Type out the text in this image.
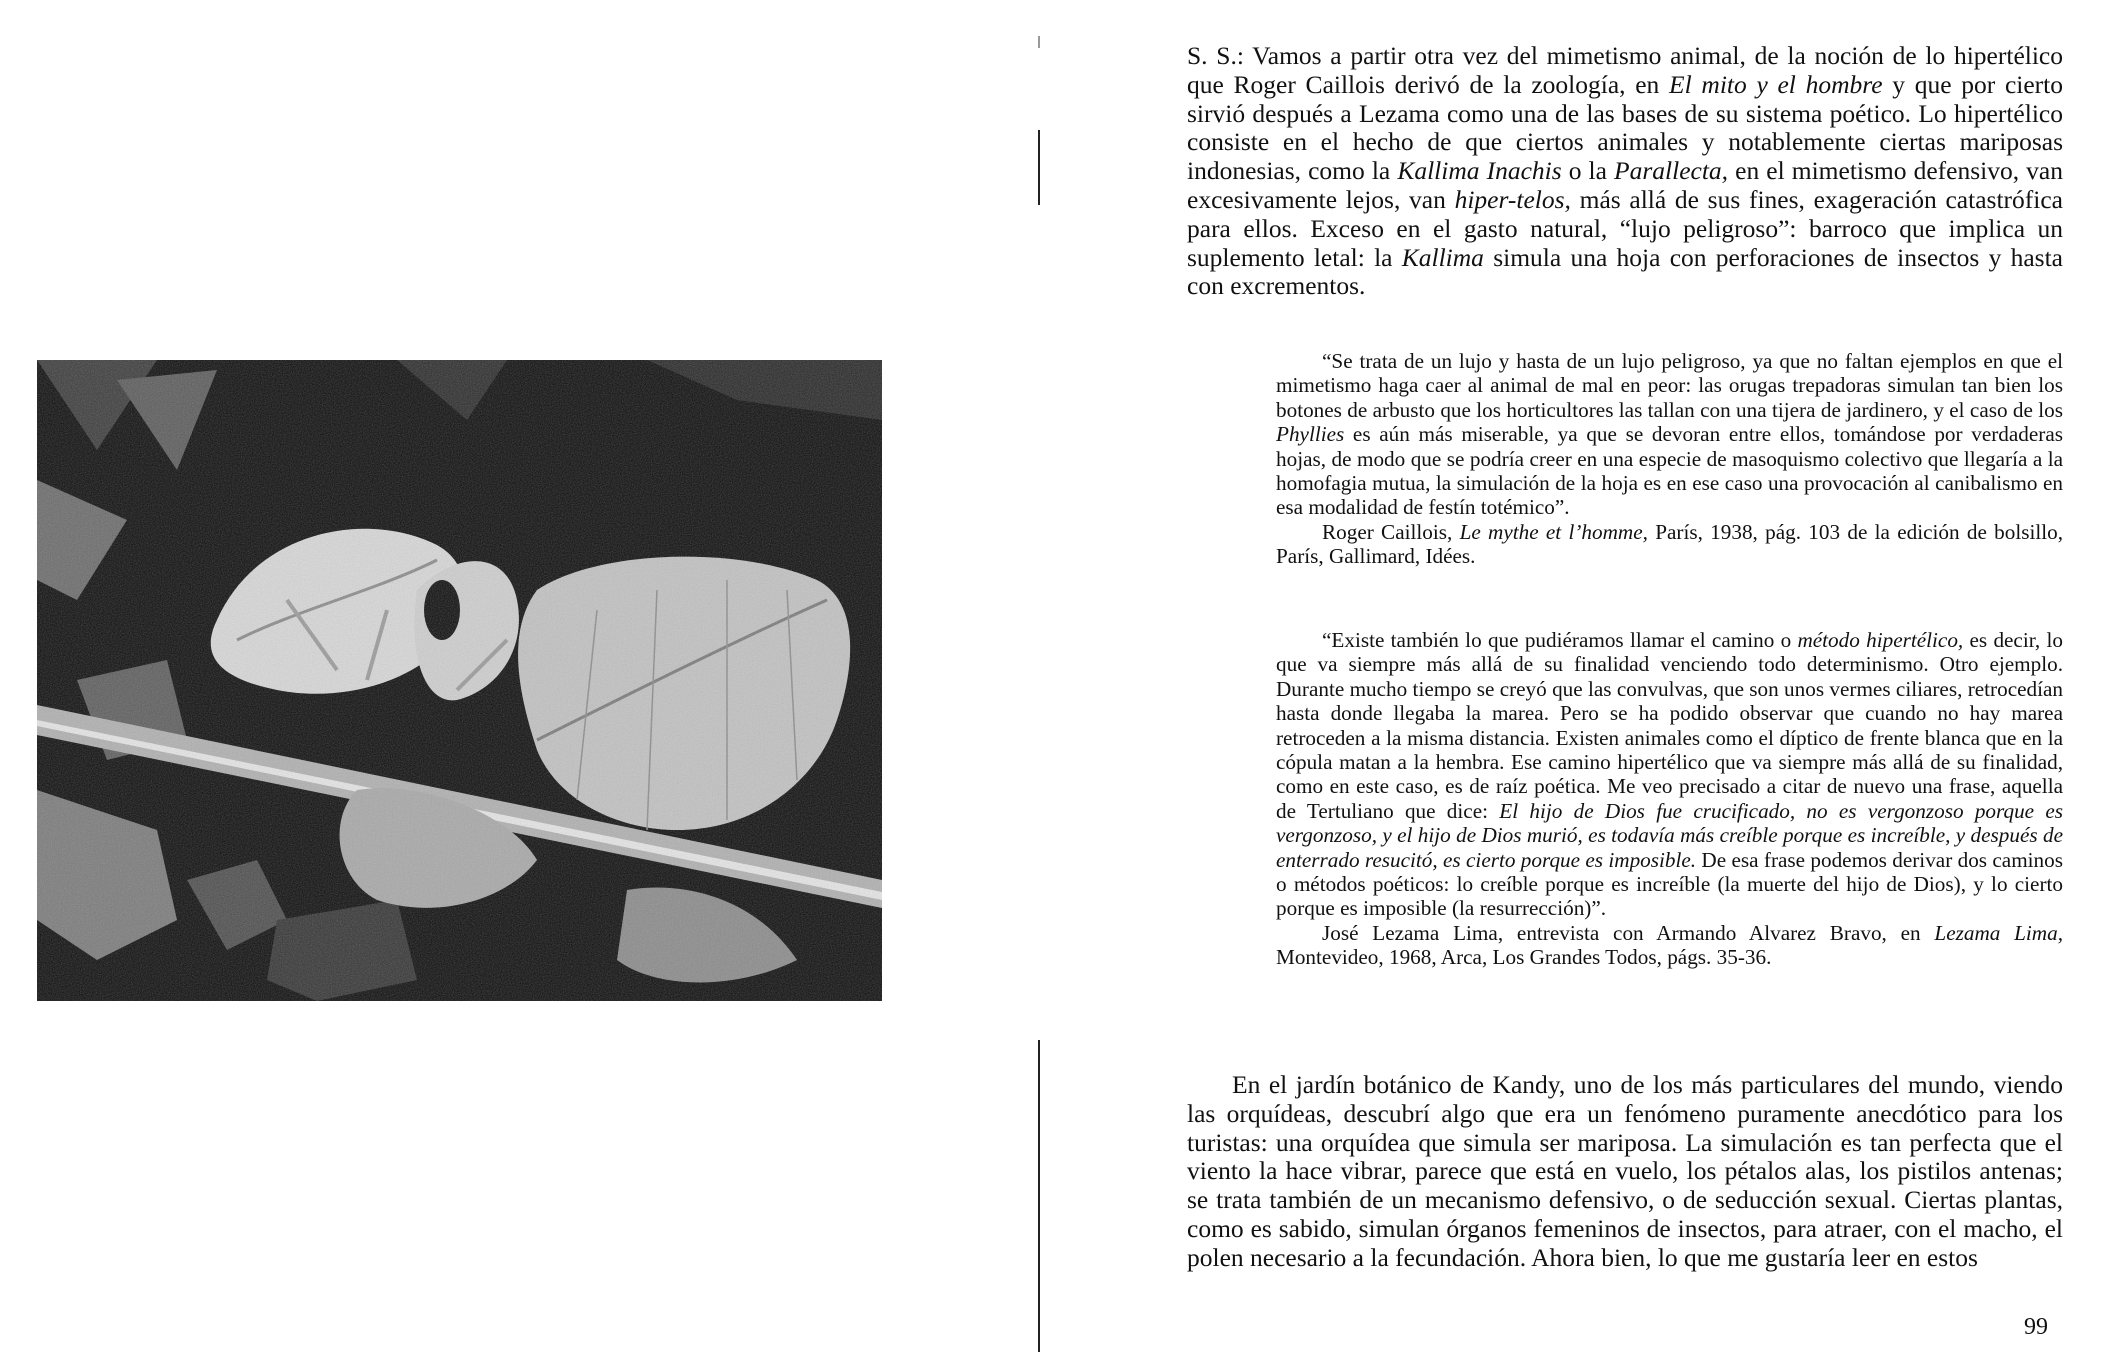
S. S.: Vamos a partir otra vez del mimetismo animal, de la noción de lo hipertélico que Roger Caillois derivó de la zoología, en El mito y el hombre y que por cierto sirvió después a Lezama como una de las bases de su sistema poético. Lo hipertélico consiste en el hecho de que ciertos animales y notablemente ciertas mariposas indonesias, como la Kallima Inachis o la Parallecta, en el mimetismo defensivo, van excesivamente lejos, van hiper-telos, más allá de sus fines, exageración catastrófica para ellos. Exceso en el gasto natural, “lujo peligroso”: barroco que implica un suplemento letal: la Kallima simula una hoja con perforaciones de insectos y hasta con excrementos.

“Se trata de un lujo y hasta de un lujo peligroso, ya que no faltan ejemplos en que el mimetismo haga caer al animal de mal en peor: las orugas trepadoras simulan tan bien los botones de arbusto que los horticultores las tallan con una tijera de jardinero, y el caso de los Phyllies es aún más miserable, ya que se devoran entre ellos, tomándose por verdaderas hojas, de modo que se podría creer en una especie de masoquismo colectivo que llegaría a la homofagia mutua, la simulación de la hoja es en ese caso una provocación al canibalismo en esa modalidad de festín totémico”.
Roger Caillois, Le mythe et l’homme, París, 1938, pág. 103 de la edición de bolsillo, París, Gallimard, Idées.

“Existe también lo que pudiéramos llamar el camino o método hipertélico, es decir, lo que va siempre más allá de su finalidad venciendo todo determinismo. Otro ejemplo. Durante mucho tiempo se creyó que las convulvas, que son unos vermes ciliares, retrocedían hasta donde llegaba la marea. Pero se ha podido observar que cuando no hay marea retroceden a la misma distancia. Existen animales como el díptico de frente blanca que en la cópula matan a la hembra. Ese camino hipertélico que va siempre más allá de su finalidad, como en este caso, es de raíz poética. Me veo precisado a citar de nuevo una frase, aquella de Tertuliano que dice: El hijo de Dios fue crucificado, no es vergonzoso porque es vergonzoso, y el hijo de Dios murió, es todavía más creíble porque es increíble, y después de enterrado resucitó, es cierto porque es imposible. De esa frase podemos derivar dos caminos o métodos poéticos: lo creíble porque es increíble (la muerte del hijo de Dios), y lo cierto porque es imposible (la resurrección)”.
José Lezama Lima, entrevista con Armando Alvarez Bravo, en Lezama Lima, Montevideo, 1968, Arca, Los Grandes Todos, págs. 35-36.

En el jardín botánico de Kandy, uno de los más particulares del mundo, viendo las orquídeas, descubrí algo que era un fenómeno puramente anecdótico para los turistas: una orquídea que simula ser mariposa. La simulación es tan perfecta que el viento la hace vibrar, parece que está en vuelo, los pétalos alas, los pistilos antenas; se trata también de un mecanismo defensivo, o de seducción sexual. Ciertas plantas, como es sabido, simulan órganos femeninos de insectos, para atraer, con el macho, el polen necesario a la fecundación. Ahora bien, lo que me gustaría leer en estos

99
